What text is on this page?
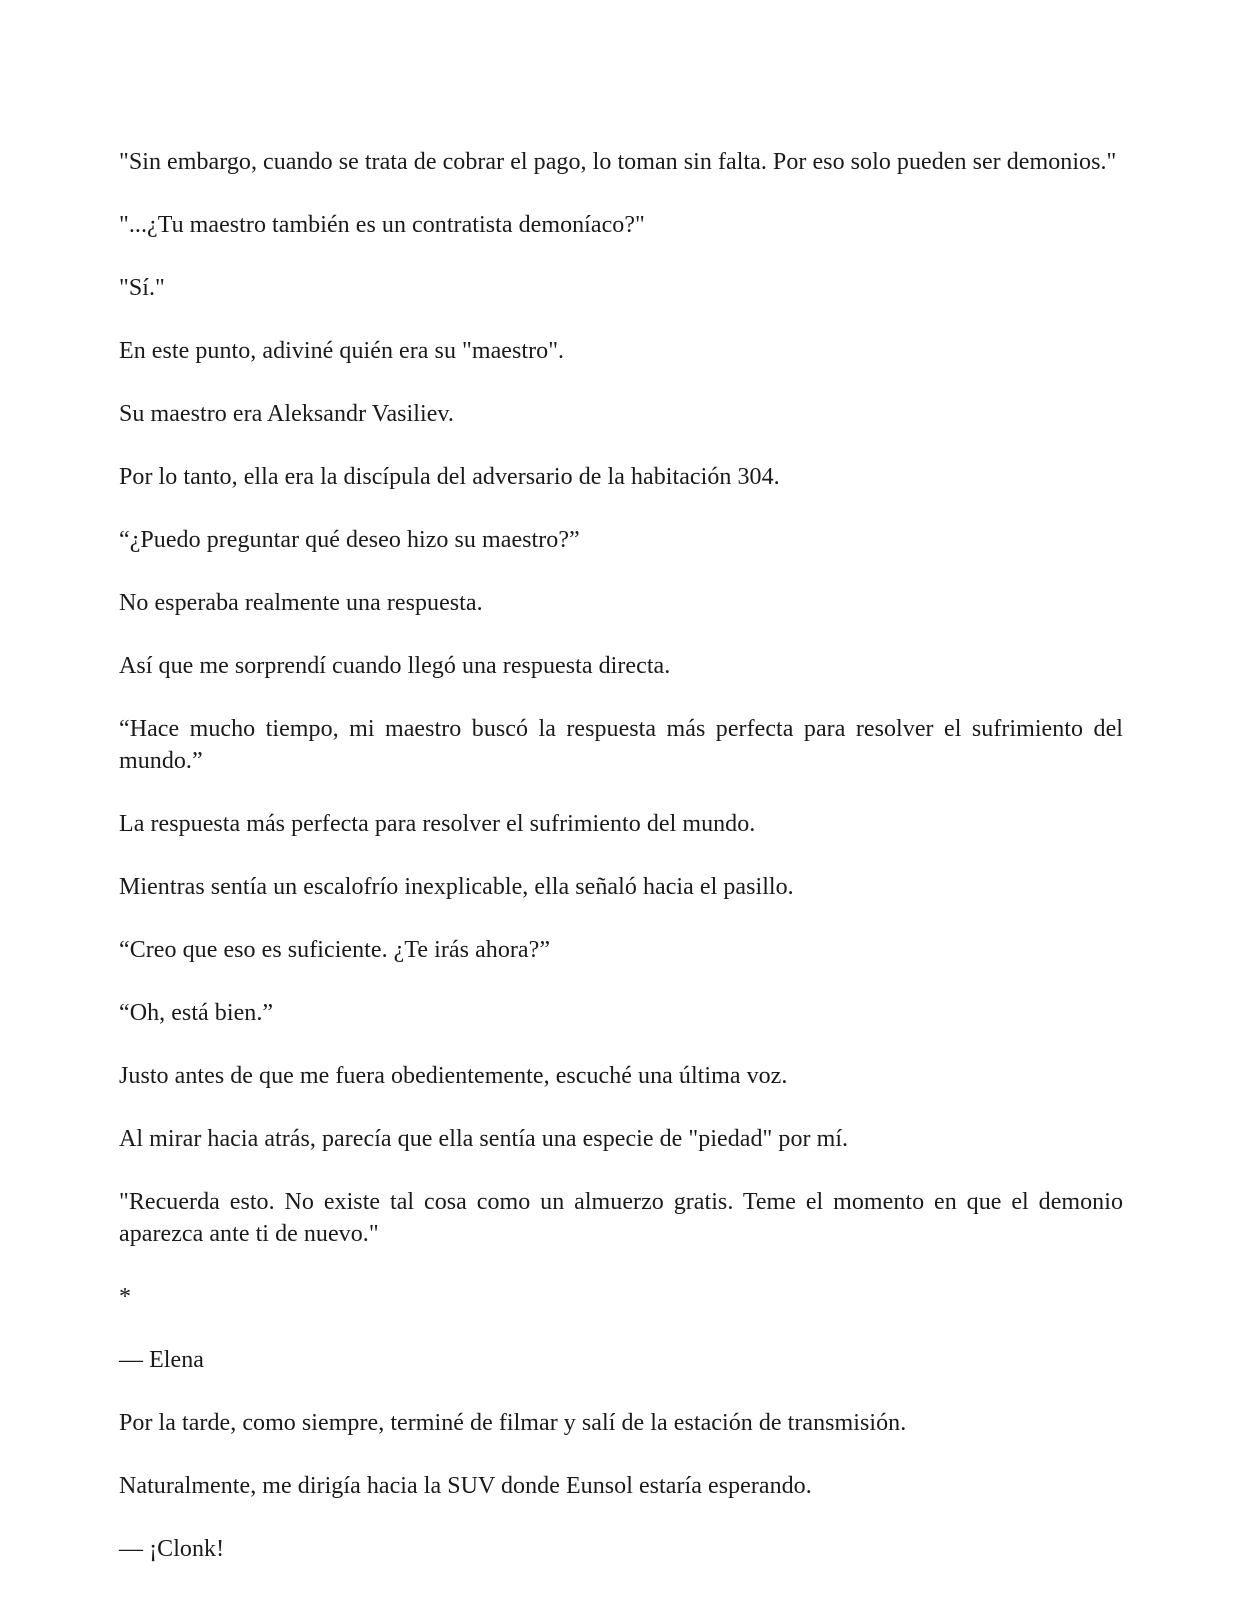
"Sin embargo, cuando se trata de cobrar el pago, lo toman sin falta. Por eso solo pueden ser demonios."

"...¿Tu maestro también es un contratista demoníaco?"

"Sí."

En este punto, adiviné quién era su "maestro".

Su maestro era Aleksandr Vasiliev.

Por lo tanto, ella era la discípula del adversario de la habitación 304.

“¿Puedo preguntar qué deseo hizo su maestro?”

No esperaba realmente una respuesta.

Así que me sorprendí cuando llegó una respuesta directa.

“Hace mucho tiempo, mi maestro buscó la respuesta más perfecta para resolver el sufrimiento del mundo.”

La respuesta más perfecta para resolver el sufrimiento del mundo.

Mientras sentía un escalofrío inexplicable, ella señaló hacia el pasillo.

“Creo que eso es suficiente. ¿Te irás ahora?”

“Oh, está bien.”

Justo antes de que me fuera obedientemente, escuché una última voz.

Al mirar hacia atrás, parecía que ella sentía una especie de "piedad" por mí.

"Recuerda esto. No existe tal cosa como un almuerzo gratis. Teme el momento en que el demonio aparezca ante ti de nuevo."

*

— Elena

Por la tarde, como siempre, terminé de filmar y salí de la estación de transmisión.

Naturalmente, me dirigía hacia la SUV donde Eunsol estaría esperando.

— ¡Clonk!
